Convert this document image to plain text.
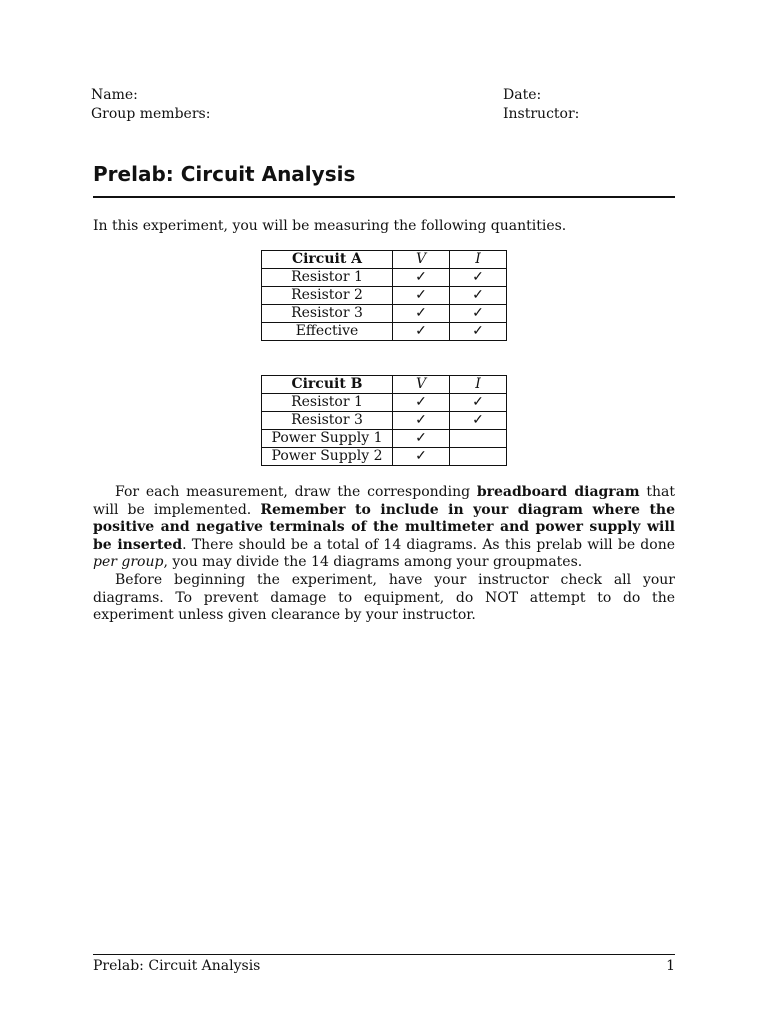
Name:
Group members:
Date:
Instructor:
Prelab: Circuit Analysis
In this experiment, you will be measuring the following quantities.
Circuit A	V	I
Resistor 1	✓	✓
Resistor 2	✓	✓
Resistor 3	✓	✓
Effective	✓	✓
Circuit B	V	I
Resistor 1	✓	✓
Resistor 3	✓	✓
Power Supply 1	✓	
Power Supply 2	✓	

For each measurement, draw the corresponding breadboard diagram that will be implemented. Remember to include in your diagram where the positive and negative terminals of the multimeter and power supply will be inserted. There should be a total of 14 diagrams. As this prelab will be done per group, you may divide the 14 diagrams among your groupmates.

Before beginning the experiment, have your instructor check all your diagrams. To prevent damage to equipment, do NOT attempt to do the experiment unless given clearance by your instructor.

Prelab: Circuit Analysis	1
